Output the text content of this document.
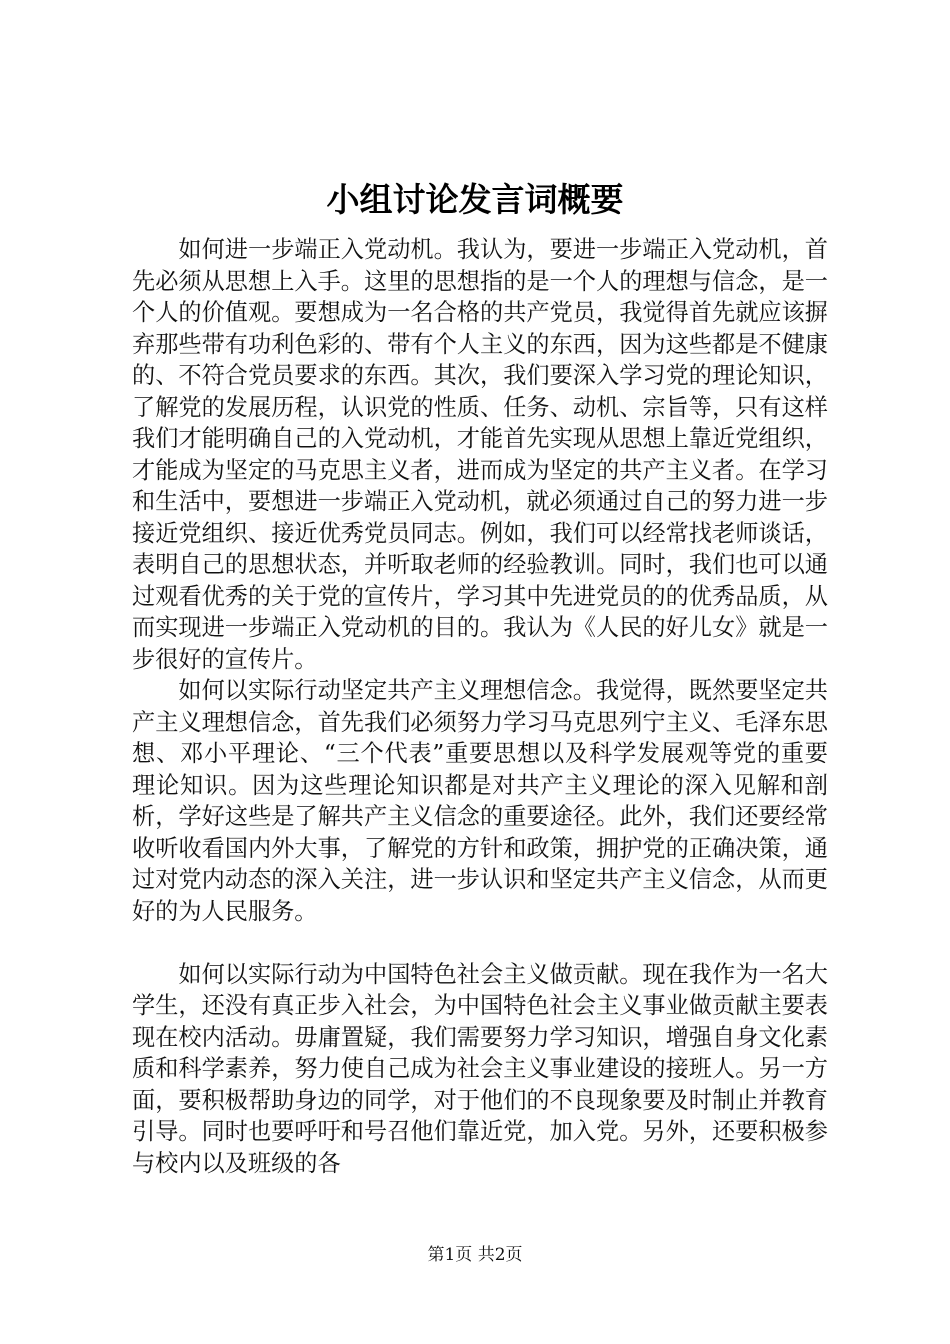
小组讨论发言词概要

如何进一步端正入党动机。我认为，要进一步端正入党动机，首先必须从思想上入手。这里的思想指的是一个人的理想与信念，是一个人的价值观。要想成为一名合格的共产党员，我觉得首先就应该摒弃那些带有功利色彩的、带有个人主义的东西，因为这些都是不健康的、不符合党员要求的东西。其次，我们要深入学习党的理论知识，了解党的发展历程，认识党的性质、任务、动机、宗旨等，只有这样我们才能明确自己的入党动机，才能首先实现从思想上靠近党组织，才能成为坚定的马克思主义者，进而成为坚定的共产主义者。在学习和生活中，要想进一步端正入党动机，就必须通过自己的努力进一步接近党组织、接近优秀党员同志。例如，我们可以经常找老师谈话，表明自己的思想状态，并听取老师的经验教训。同时，我们也可以通过观看优秀的关于党的宣传片，学习其中先进党员的的优秀品质，从而实现进一步端正入党动机的目的。我认为《人民的好儿女》就是一步很好的宣传片。

如何以实际行动坚定共产主义理想信念。我觉得，既然要坚定共产主义理想信念，首先我们必须努力学习马克思列宁主义、毛泽东思想、邓小平理论、“三个代表”重要思想以及科学发展观等党的重要理论知识。因为这些理论知识都是对共产主义理论的深入见解和剖析，学好这些是了解共产主义信念的重要途径。此外，我们还要经常收听收看国内外大事，了解党的方针和政策，拥护党的正确决策，通过对党内动态的深入关注，进一步认识和坚定共产主义信念，从而更好的为人民服务。

如何以实际行动为中国特色社会主义做贡献。现在我作为一名大学生，还没有真正步入社会，为中国特色社会主义事业做贡献主要表现在校内活动。毋庸置疑，我们需要努力学习知识，增强自身文化素质和科学素养，努力使自己成为社会主义事业建设的接班人。另一方面，要积极帮助身边的同学，对于他们的不良现象要及时制止并教育引导。同时也要呼吁和号召他们靠近党，加入党。另外，还要积极参与校内以及班级的各

第1页 共2页
